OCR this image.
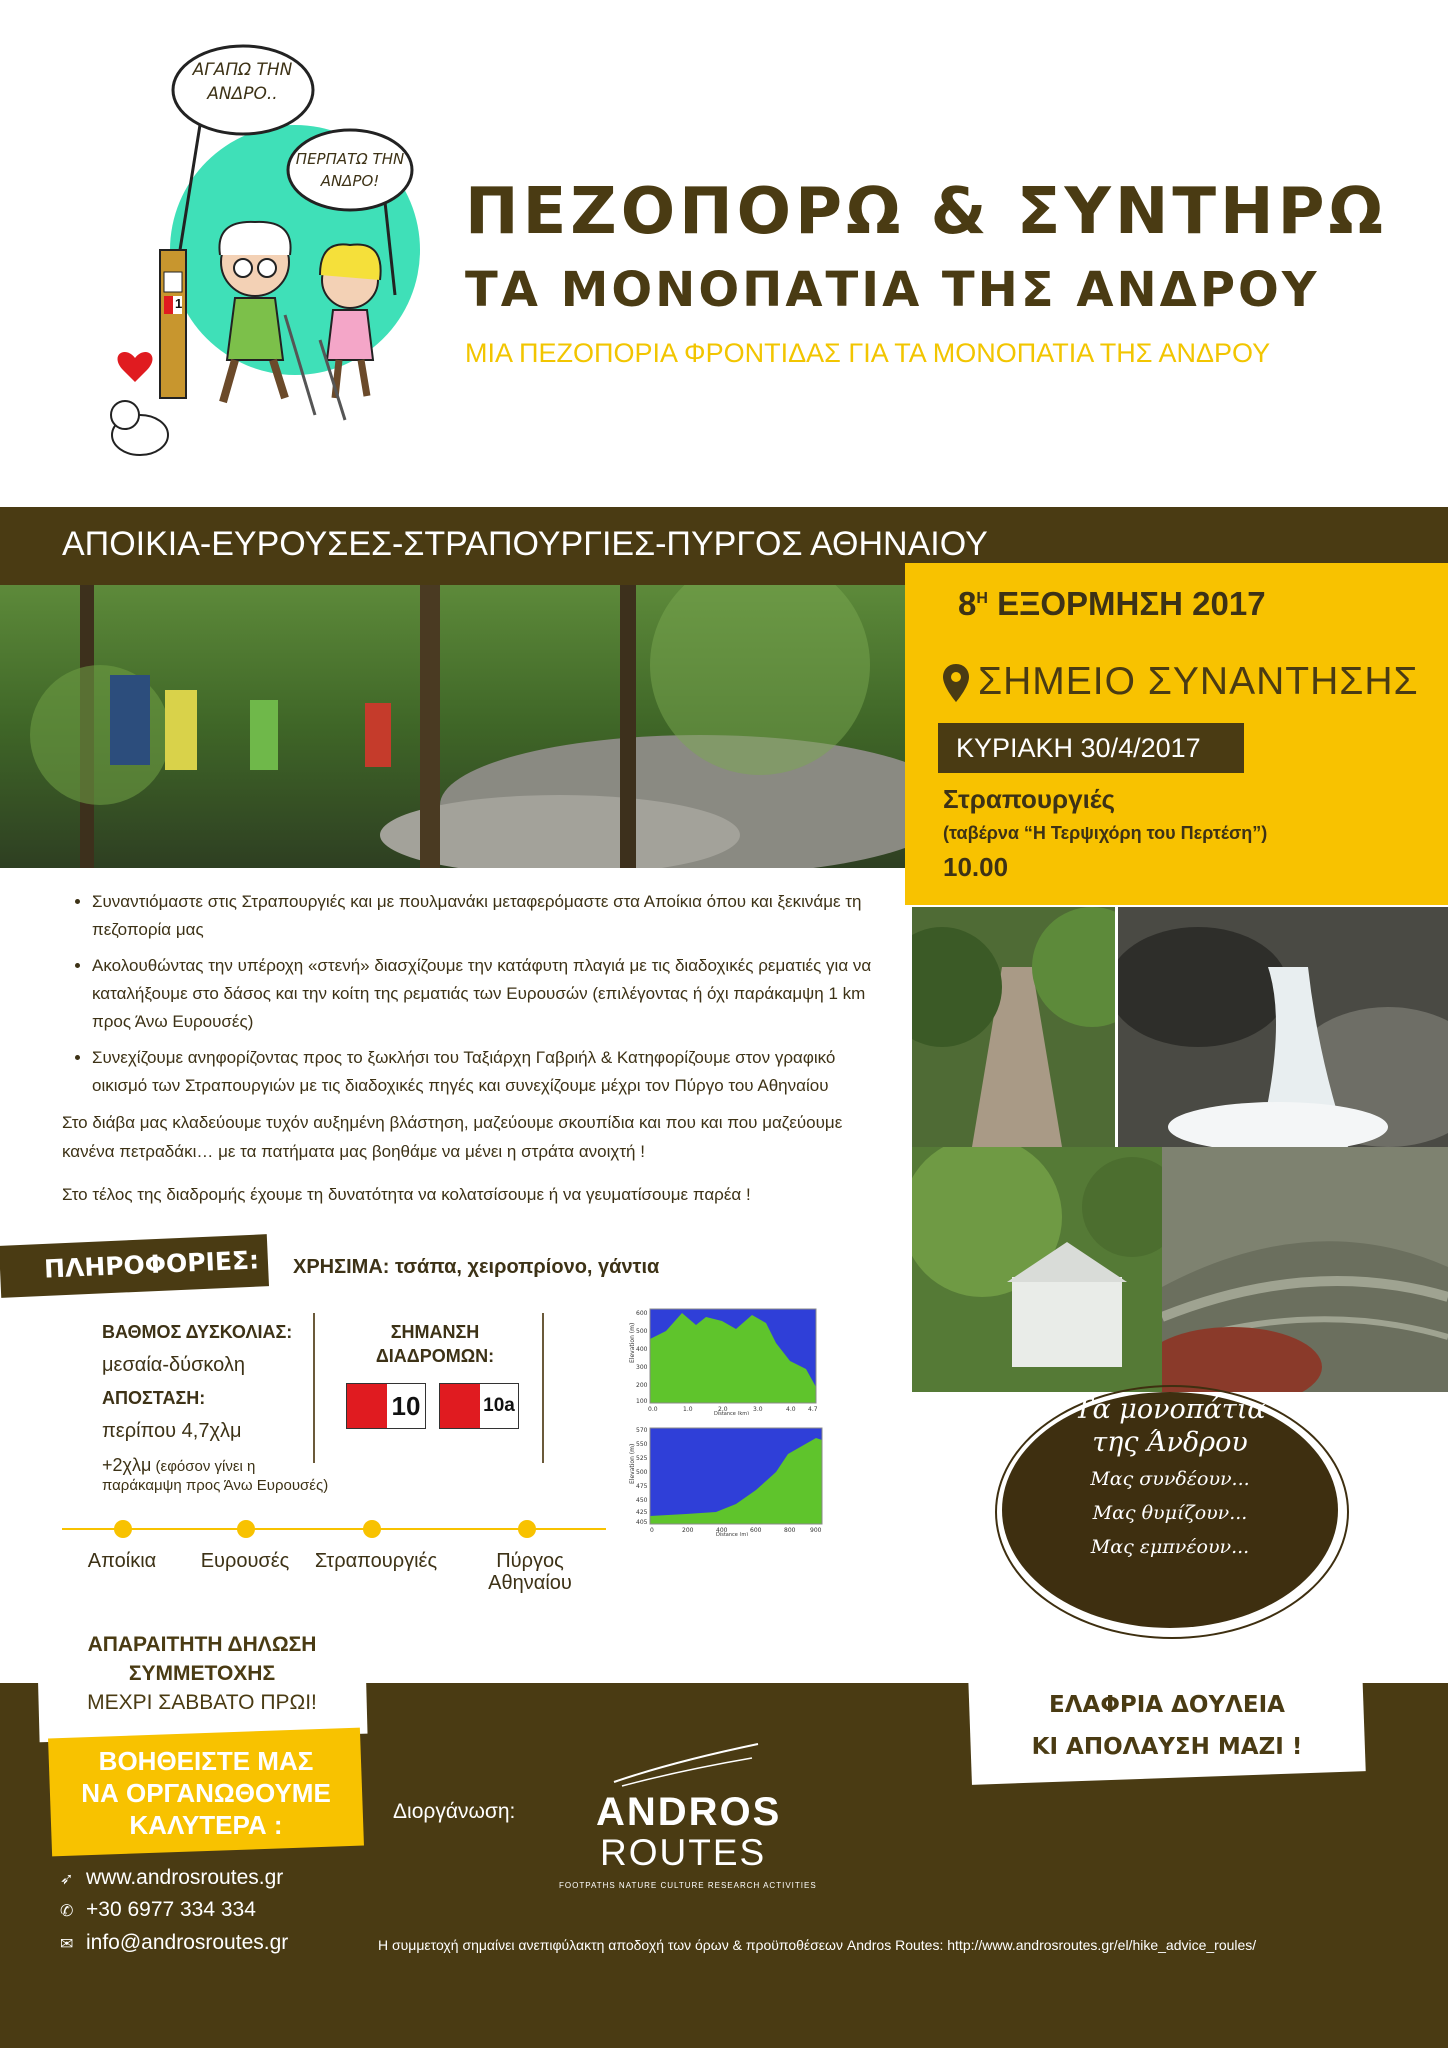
ΑΓΑΠΩ ΤΗΝ ΑΝΔΡΟ..
ΠΕΡΠΑΤΩ ΤΗΝ ΑΝΔΡΟ!
1
ΠΕΖΟΠΟΡΩ & ΣΥΝΤΗΡΩ
ΤΑ ΜΟΝΟΠΑΤΙΑ ΤΗΣ ΑΝΔΡΟΥ
ΜΙΑ ΠΕΖΟΠΟΡΙΑ ΦΡΟΝΤΙΔΑΣ ΓΙΑ ΤΑ ΜΟΝΟΠΑΤΙΑ ΤΗΣ ΑΝΔΡΟΥ
ΑΠΟΙΚΙΑ-ΕΥΡΟΥΣΕΣ-ΣΤΡΑΠΟΥΡΓΙΕΣ-ΠΥΡΓΟΣ ΑΘΗΝΑΙΟΥ
$8^H$ ΕΞΟΡΜΗΣΗ 2017
ΣΗΜΕΙΟ ΣΥΝΑΝΤΗΣΗΣ
ΚΥΡΙΑΚΗ 30/4/2017
Στραπουργιές
(ταβέρνα “Η Τερψιχόρη του Περτέση”)
10.00
• Συναντιόμαστε στις Στραπουργιές και με πουλμανάκι μεταφερόμαστε στα Αποίκια όπου και ξεκινάμε τη πεζοπορία μας
• Ακολουθώντας την υπέροχη «στενή» διασχίζουμε την κατάφυτη πλαγιά με τις διαδοχικές ρεματιές για να καταλήξουμε στο δάσος και την κοίτη της ρεματιάς των Ευρουσών (επιλέγοντας ή όχι παράκαμψη 1 km προς Άνω Ευρουσές)
• Συνεχίζουμε ανηφορίζοντας προς το ξωκλήσι του Ταξιάρχη Γαβριήλ & Κατηφορίζουμε στον γραφικό οικισμό των Στραπουργιών με τις διαδοχικές πηγές και συνεχίζουμε μέχρι τον Πύργο του Αθηναίου
Στο διάβα μας κλαδεύουμε τυχόν αυξημένη βλάστηση, μαζεύουμε σκουπίδια και που και που μαζεύουμε κανένα πετραδάκι… με τα πατήματα μας βοηθάμε να μένει η στράτα ανοιχτή !
Στο τέλος της διαδρομής έχουμε τη δυνατότητα να κολατσίσουμε ή να γευματίσουμε παρέα !
ΠΛΗΡΟΦΟΡΙΕΣ: ΧΡΗΣΙΜΑ: τσάπα, χειροπρίονο, γάντια
ΒΑΘΜΟΣ ΔΥΣΚΟΛΙΑΣ:
μεσαία-δύσκολη
ΑΠΟΣΤΑΣΗ:
περίπου 4,7χλμ
+2χλμ (εφόσον γίνει η
παράκαμψη προς Άνω Ευρουσές)
ΣΗΜΑΝΣΗ
ΔΙΑΔΡΟΜΩΝ:
10	10a
Elevation (m)
600
500
400
300
200
100
0.0	1.0	2.0	3.0	4.0 4.7
Distance (km)
Elevation (m)
570
550
525
500
475
450
425
405
0	200	400	600	800 900
Distance (m)
Αποίκια	Ευρουσές	Στραπουργιές	Πύργος
Αθηναίου
Τα μονοπάτια
της Άνδρου
Μας συνδέουν...
Μας θυμίζουν...
Μας εμπνέουν...
ΑΠΑΡΑΙΤΗΤΗ ΔΗΛΩΣΗ
ΣΥΜΜΕΤΟΧΗΣ
ΜΕΧΡΙ ΣΑΒΒΑΤΟ ΠΡΩΙ!
ΒΟΗΘΕΙΣΤΕ ΜΑΣ
ΝΑ ΟΡΓΑΝΩΘΟΥΜΕ
ΚΑΛΥΤΕΡΑ :
ΕΛΑΦΡΙΑ ΔΟΥΛΕΙΑ
ΚΙ ΑΠΟΛΑΥΣΗ ΜΑΖΙ !
Διοργάνωση: ANDROS
ROUTES
FOOTPATHS NATURE CULTURE RESEARCH ACTIVITIES
➶ www.androsroutes.gr
✆ +30 6977 334 334
✉ info@androsroutes.gr	Η συμμετοχή σημαίνει ανεπιφύλακτη αποδοχή των όρων & προϋποθέσεων Andros Routes: http://www.androsroutes.gr/el/hike_advice_roules/
